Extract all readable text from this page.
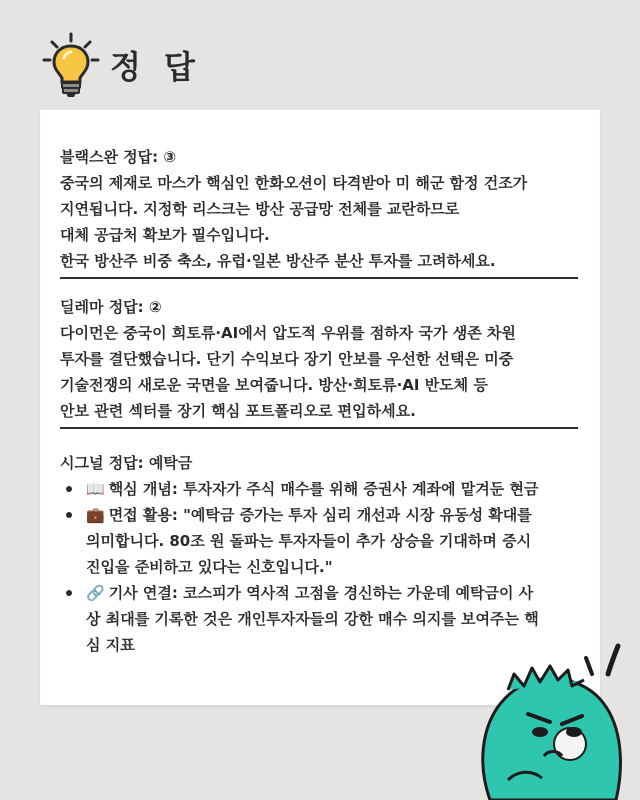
정 답
블랙스완 정답: ③
중국의 제재로 마스가 핵심인 한화오션이 타격받아 미 해군 함정 건조가
지연됩니다. 지정학 리스크는 방산 공급망 전체를 교란하므로
대체 공급처 확보가 필수입니다.
한국 방산주 비중 축소, 유럽·일본 방산주 분산 투자를 고려하세요.
딜레마 정답: ②
다이먼은 중국이 희토류·AI에서 압도적 우위를 점하자 국가 생존 차원
투자를 결단했습니다. 단기 수익보다 장기 안보를 우선한 선택은 미중
기술전쟁의 새로운 국면을 보여줍니다. 방산·희토류·AI 반도체 등
안보 관련 섹터를 장기 핵심 포트폴리오로 편입하세요.
시그널 정답: 예탁금
📖 핵심 개념: 투자자가 주식 매수를 위해 증권사 계좌에 맡겨둔 현금
💼 면접 활용: "예탁금 증가는 투자 심리 개선과 시장 유동성 확대를
의미합니다. 80조 원 돌파는 투자자들이 추가 상승을 기대하며 증시
진입을 준비하고 있다는 신호입니다."
🔗 기사 연결: 코스피가 역사적 고점을 경신하는 가운데 예탁금이 사
상 최대를 기록한 것은 개인투자자들의 강한 매수 의지를 보여주는 핵
심 지표
